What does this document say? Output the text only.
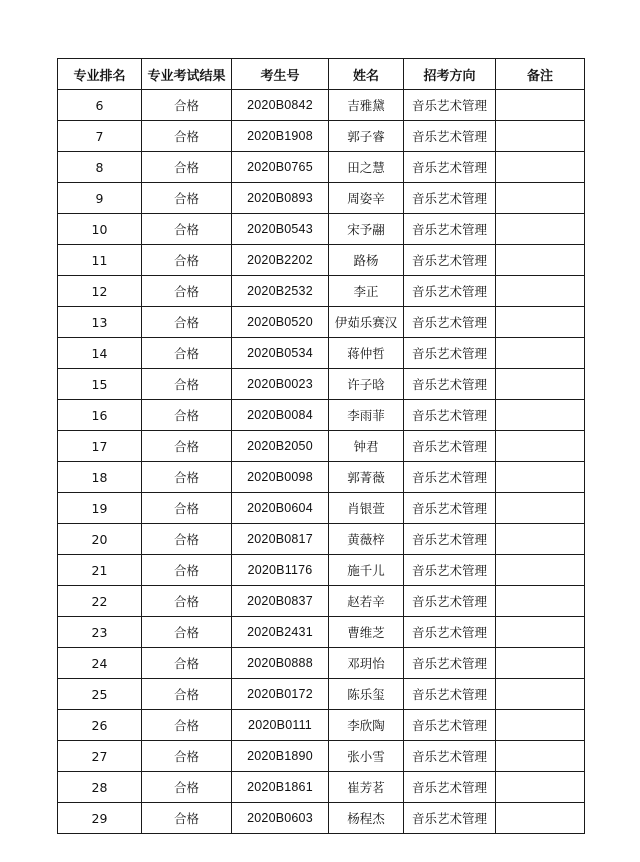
专业排名	专业考试结果	考生号	姓名	招考方向	备注
6	合格	2020B0842	吉雅黛	音乐艺术管理	
7	合格	2020B1908	郭子睿	音乐艺术管理	
8	合格	2020B0765	田之慧	音乐艺术管理	
9	合格	2020B0893	周姿辛	音乐艺术管理	
10	合格	2020B0543	宋予翮	音乐艺术管理	
11	合格	2020B2202	路杨	音乐艺术管理	
12	合格	2020B2532	李正	音乐艺术管理	
13	合格	2020B0520	伊茹乐赛汉	音乐艺术管理	
14	合格	2020B0534	蒋仲哲	音乐艺术管理	
15	合格	2020B0023	许子晗	音乐艺术管理	
16	合格	2020B0084	李雨菲	音乐艺术管理	
17	合格	2020B2050	钟君	音乐艺术管理	
18	合格	2020B0098	郭菁薇	音乐艺术管理	
19	合格	2020B0604	肖银萱	音乐艺术管理	
20	合格	2020B0817	黄薇梓	音乐艺术管理	
21	合格	2020B1176	施千儿	音乐艺术管理	
22	合格	2020B0837	赵若辛	音乐艺术管理	
23	合格	2020B2431	曹维芝	音乐艺术管理	
24	合格	2020B0888	邓玥怡	音乐艺术管理	
25	合格	2020B0172	陈乐玺	音乐艺术管理	
26	合格	2020B0111	李欣陶	音乐艺术管理	
27	合格	2020B1890	张小雪	音乐艺术管理	
28	合格	2020B1861	崔芳茗	音乐艺术管理	
29	合格	2020B0603	杨程杰	音乐艺术管理	
